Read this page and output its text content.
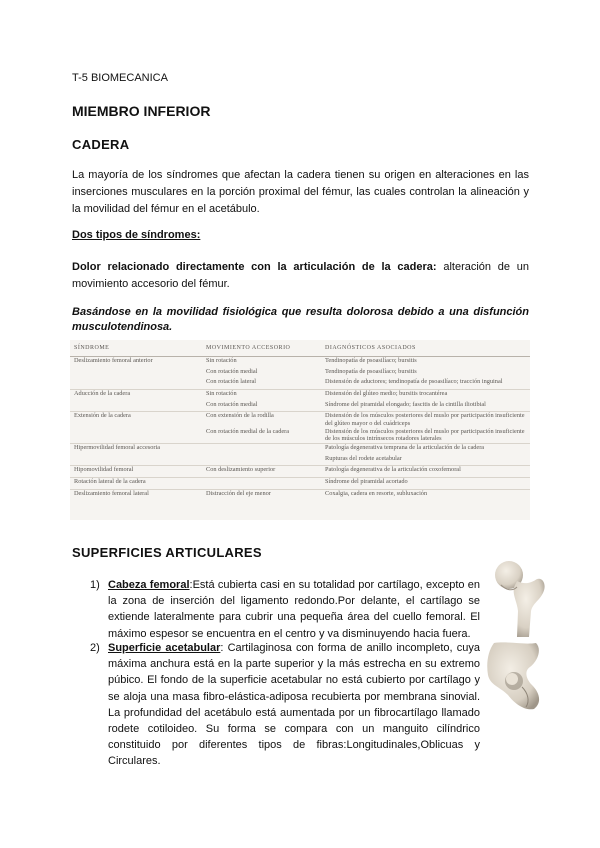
T-5 BIOMECANICA
MIEMBRO INFERIOR
CADERA
La mayoría de los síndromes que afectan la cadera tienen su origen en alteraciones en las inserciones musculares en la porción proximal del fémur, las cuales controlan la alineación y la movilidad del fémur en el acetábulo.
Dos tipos de síndromes:
Dolor relacionado directamente con la articulación de la cadera: alteración de un movimiento accesorio del fémur.
Basándose en la movilidad fisiológica que resulta dolorosa debido a una disfunción musculotendinosa.
SÍNDROME	MOVIMIENTO ACCESORIO	DIAGNÓSTICOS ASOCIADOS
Deslizamiento femoral anterior	Sin rotación	Tendinopatía de psoasilíaco; bursitis
	Con rotación medial	Tendinopatía de psoasilíaco; bursitis
	Con rotación lateral	Distensión de aductores; tendinopatía de psoasilíaco; tracción inguinal
Aducción de la cadera	Sin rotación	Distensión del glúteo medio; bursitis trocantérea
	Con rotación medial	Síndrome del piramidal elongado; fascitis de la cintilla iliotibial
Extensión de la cadera	Con extensión de la rodilla	Distensión de los músculos posteriores del muslo por participación insuficiente del glúteo mayor o del cuádriceps
	Con rotación medial de la cadera	Distensión de los músculos posteriores del muslo por participación insuficiente de los músculos intrínsecos rotadores laterales
Hipermovilidad femoral accesoria		Patología degenerativa temprana de la articulación de la cadera
		Rupturas del rodete acetabular
Hipomovilidad femoral	Con deslizamiento superior	Patología degenerativa de la articulación coxofemoral
Rotación lateral de la cadera		Síndrome del piramidal acortado
Deslizamiento femoral lateral	Distracción del eje menor	Coxalgia, cadera en resorte, subluxación
SUPERFICIES ARTICULARES
1) Cabeza femoral:Está cubierta casi en su totalidad por cartílago, excepto en la zona de inserción del ligamento redondo.Por delante, el cartílago se extiende lateralmente para cubrir una pequeña área del cuello femoral. El máximo espesor se encuentra en el centro y va disminuyendo hacia fuera.
2) Superficie acetabular: Cartilaginosa con forma de anillo incompleto, cuya máxima anchura está en la parte superior y la más estrecha en su extremo púbico. El fondo de la superficie acetabular no está cubierto por cartílago y se aloja una masa fibro-elástica-adiposa recubierta por membrana sinovial. La profundidad del acetábulo está aumentada por un fibrocartílago llamado rodete cotiloideo. Su forma se compara con un manguito cilíndrico constituido por diferentes tipos de fibras:Longitudinales,Oblicuas y Circulares.
